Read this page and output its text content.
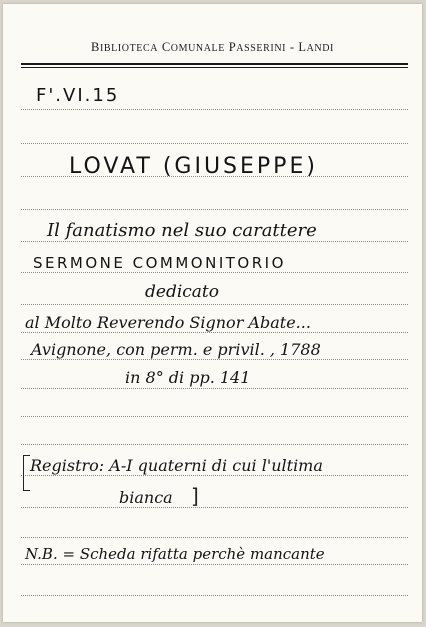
BIBLIOTECA COMUNALE PASSERINI - LANDI
F'.VI.15
LOVAT (GIUSEPPE)
Il fanatismo nel suo carattere
SERMONE COMMONITORIO
dedicato
al Molto Reverendo Signor Abate...
Avignone, con perm. e privil. , 1788
in 8° di pp. 141
Registro: A-I quaterni di cui l'ultima
bianca ]
N.B. = Scheda rifatta perchè mancante
